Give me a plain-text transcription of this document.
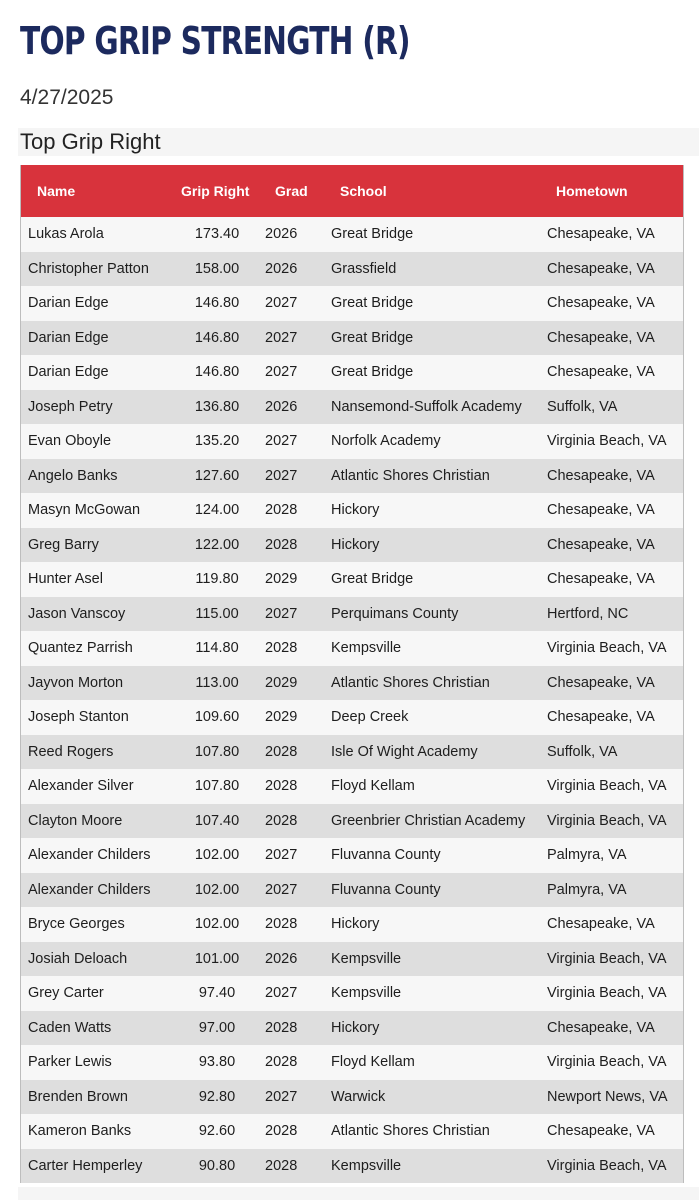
TOP GRIP STRENGTH (R)
4/27/2025
Top Grip Right
Name	Grip Right	Grad	School	Hometown
Lukas Arola	173.40	2026	Great Bridge	Chesapeake, VA
Christopher Patton	158.00	2026	Grassfield	Chesapeake, VA
Darian Edge	146.80	2027	Great Bridge	Chesapeake, VA
Darian Edge	146.80	2027	Great Bridge	Chesapeake, VA
Darian Edge	146.80	2027	Great Bridge	Chesapeake, VA
Joseph Petry	136.80	2026	Nansemond-Suffolk Academy	Suffolk, VA
Evan Oboyle	135.20	2027	Norfolk Academy	Virginia Beach, VA
Angelo Banks	127.60	2027	Atlantic Shores Christian	Chesapeake, VA
Masyn McGowan	124.00	2028	Hickory	Chesapeake, VA
Greg Barry	122.00	2028	Hickory	Chesapeake, VA
Hunter Asel	119.80	2029	Great Bridge	Chesapeake, VA
Jason Vanscoy	115.00	2027	Perquimans County	Hertford, NC
Quantez Parrish	114.80	2028	Kempsville	Virginia Beach, VA
Jayvon Morton	113.00	2029	Atlantic Shores Christian	Chesapeake, VA
Joseph Stanton	109.60	2029	Deep Creek	Chesapeake, VA
Reed Rogers	107.80	2028	Isle Of Wight Academy	Suffolk, VA
Alexander Silver	107.80	2028	Floyd Kellam	Virginia Beach, VA
Clayton Moore	107.40	2028	Greenbrier Christian Academy	Virginia Beach, VA
Alexander Childers	102.00	2027	Fluvanna County	Palmyra, VA
Alexander Childers	102.00	2027	Fluvanna County	Palmyra, VA
Bryce Georges	102.00	2028	Hickory	Chesapeake, VA
Josiah Deloach	101.00	2026	Kempsville	Virginia Beach, VA
Grey Carter	97.40	2027	Kempsville	Virginia Beach, VA
Caden Watts	97.00	2028	Hickory	Chesapeake, VA
Parker Lewis	93.80	2028	Floyd Kellam	Virginia Beach, VA
Brenden Brown	92.80	2027	Warwick	Newport News, VA
Kameron Banks	92.60	2028	Atlantic Shores Christian	Chesapeake, VA
Carter Hemperley	90.80	2028	Kempsville	Virginia Beach, VA
